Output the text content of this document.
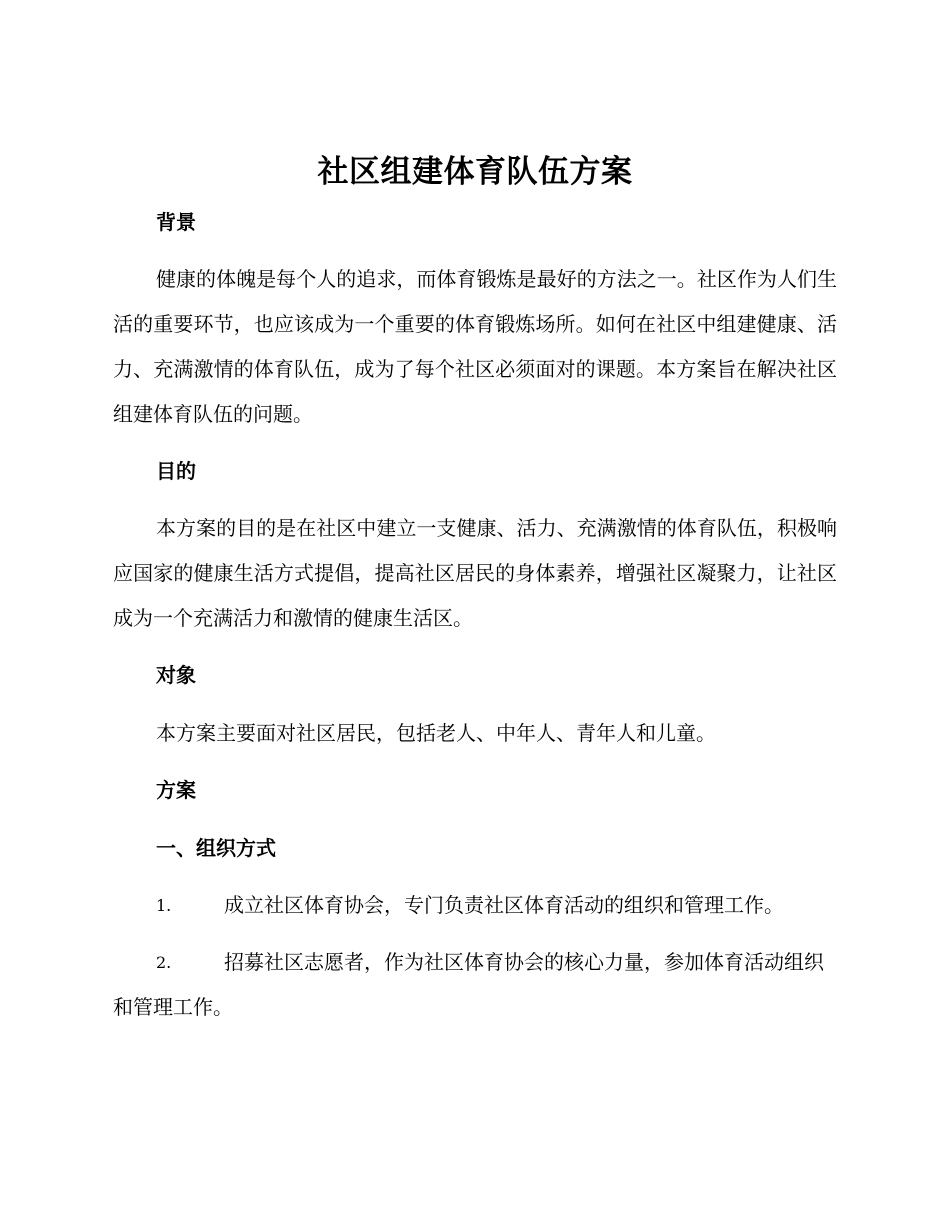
社区组建体育队伍方案
背景
健康的体魄是每个人的追求，而体育锻炼是最好的方法之一。社区作为人们生活的重要环节，也应该成为一个重要的体育锻炼场所。如何在社区中组建健康、活力、充满激情的体育队伍，成为了每个社区必须面对的课题。本方案旨在解决社区组建体育队伍的问题。
目的
本方案的目的是在社区中建立一支健康、活力、充满激情的体育队伍，积极响应国家的健康生活方式提倡，提高社区居民的身体素养，增强社区凝聚力，让社区成为一个充满活力和激情的健康生活区。
对象
本方案主要面对社区居民，包括老人、中年人、青年人和儿童。
方案
一、组织方式
1.	成立社区体育协会，专门负责社区体育活动的组织和管理工作。
2.	招募社区志愿者，作为社区体育协会的核心力量，参加体育活动组织和管理工作。
